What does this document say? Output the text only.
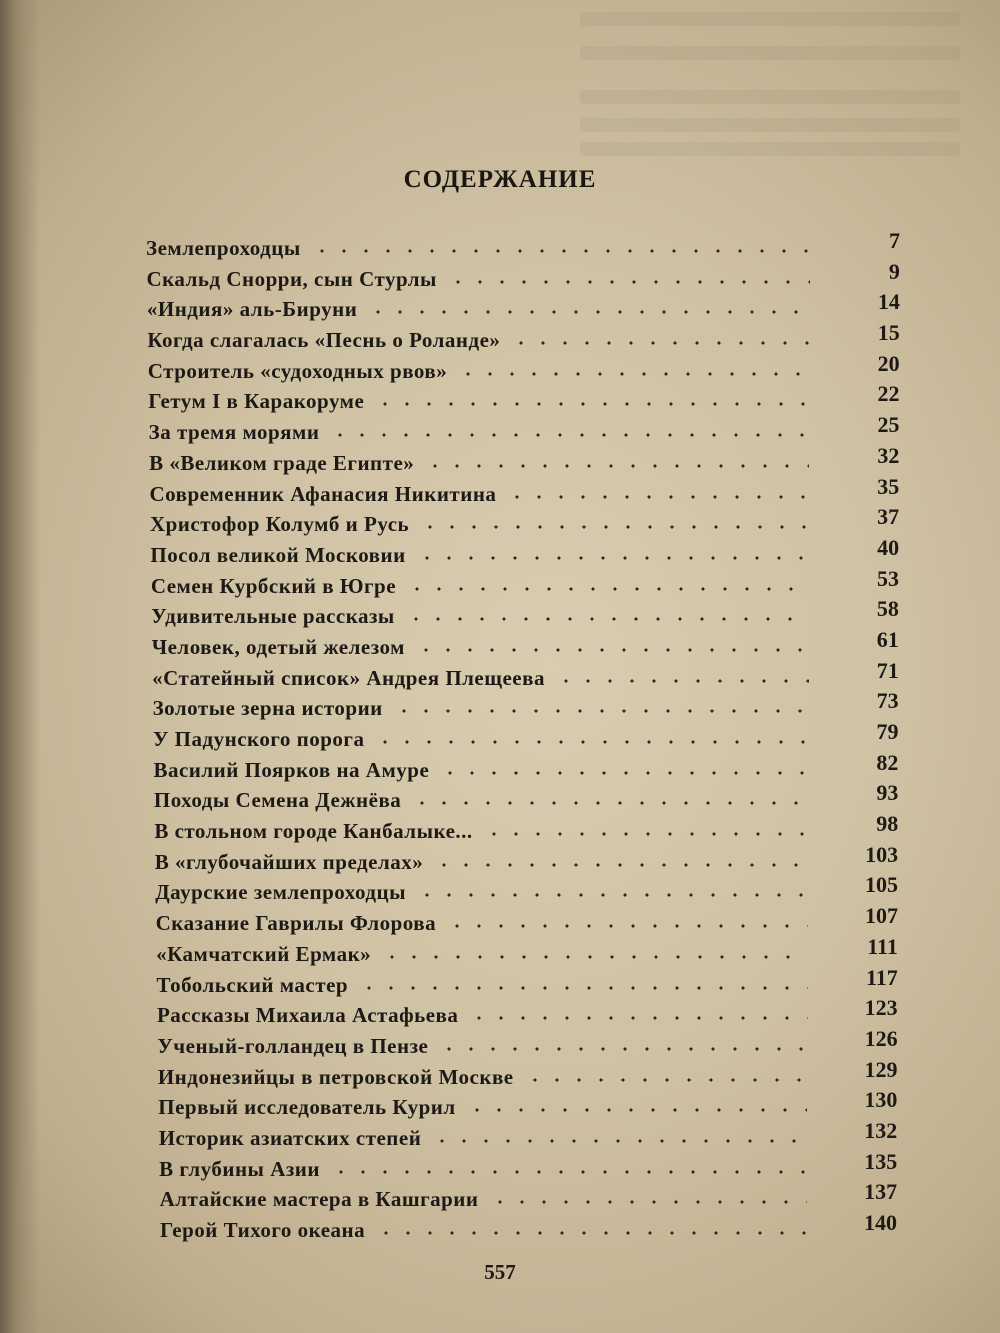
СОДЕРЖАНИЕ
Землепроходцы	7
Скальд Снорри, сын Стурлы	9
«Индия» аль-Бируни	14
Когда слагалась «Песнь о Роланде»	15
Строитель «судоходных рвов»	20
Гетум I в Каракоруме	22
За тремя морями	25
В «Великом граде Египте»	32
Современник Афанасия Никитина	35
Христофор Колумб и Русь	37
Посол великой Московии	40
Семен Курбский в Югре	53
Удивительные рассказы	58
Человек, одетый железом	61
«Статейный список» Андрея Плещеева	71
Золотые зерна истории	73
У Падунского порога	79
Василий Поярков на Амуре	82
Походы Семена Дежнёва	93
В стольном городе Канбалыке...	98
В «глубочайших пределах»	103
Даурские землепроходцы	105
Сказание Гаврилы Флорова	107
«Камчатский Ермак»	111
Тобольский мастер	117
Рассказы Михаила Астафьева	123
Ученый-голландец в Пензе	126
Индонезийцы в петровской Москве	129
Первый исследователь Курил	130
Историк азиатских степей	132
В глубины Азии	135
Алтайские мастера в Кашгарии	137
Герой Тихого океана	140
557
